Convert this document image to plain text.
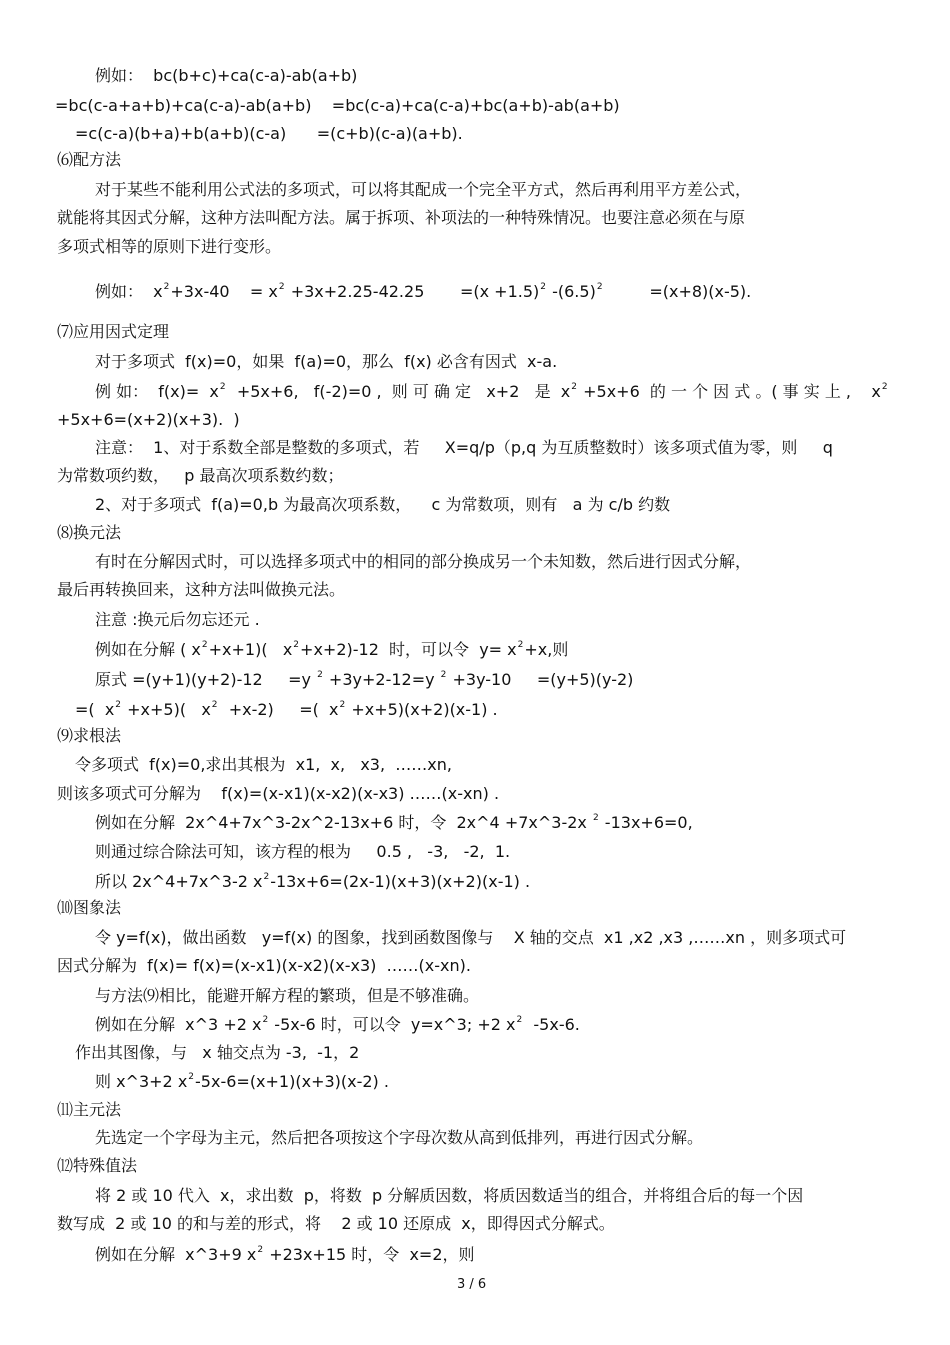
例如：  bc(b+c)+ca(c-a)-ab(a+b)
=bc(c-a+a+b)+ca(c-a)-ab(a+b)    =bc(c-a)+ca(c-a)+bc(a+b)-ab(a+b)
=c(c-a)(b+a)+b(a+b)(c-a)      =(c+b)(c-a)(a+b).
⑹配方法
对于某些不能利用公式法的多项式，可以将其配成一个完全平方式，然后再利用平方差公式，
就能将其因式分解，这种方法叫配方法。属于拆项、补项法的一种特殊情况。也要注意必须在与原
多项式相等的原则下进行变形。
例如：  $x^2+3x-40$    = $x^2 +3x+2.25-42.25$       $=(x +1.5)^2$ $-(6.5)^2$         =(x+8)(x-5).
⑺应用因式定理
对于多项式  f(x)=0，如果  f(a)=0，那么  f(x) 必含有因式  x-a.
例 如：  $f(x)= x^2 +5x+6$,   f(-2)=0 ,  则 可 确 定   x+2   是  $x^2 +5x+6$  的 一 个 因 式 。( 事 实 上 ,    $x^2$
+5x+6=(x+2)(x+3).  )
注意：  1、对于系数全部是整数的多项式，若     X=q/p（p,q 为互质整数时）该多项式值为零，则     q
为常数项约数，   p 最高次项系数约数；
2、对于多项式  f(a)=0,b 为最高次项系数，    c 为常数项，则有   a 为 c/b 约数
⑻换元法
有时在分解因式时，可以选择多项式中的相同的部分换成另一个未知数，然后进行因式分解，
最后再转换回来，这种方法叫做换元法。
注意 :换元后勿忘还元 .
例如在分解 ( $x^2+x+1$)(   $x^2+x+2)-12$  时，可以令  $y= x^2+x$,则
原式 =(y+1)(y+2)-12     =y $^2$ +3y+2-12=y $^2$ +3y-10     =(y+5)(y-2)
=(  $x^2 +x+5$)(   $x^2 +x-2$)     =(  $x^2 +x+5)(x+2)(x-1)$ .
⑼求根法
令多项式  f(x)=0,求出其根为  x1,  x,   x3,  ……xn,
则该多项式可分解为    f(x)=(x-x1)(x-x2)(x-x3) ……(x-xn) .
例如在分解  2x^4+7x^3-2x^2-13x+6 时，令  2x^4 +7x^3-2x $^2$ -13x+6=0,
则通过综合除法可知，该方程的根为     0.5 ,   -3,   -2,  1.
所以 2x^4+7x^3-2 $x^2-13x+6=(2x-1)(x+3)(x+2)(x-1)$ .
⑽图象法
令 y=f(x)，做出函数   y=f(x) 的图象，找到函数图像与    X 轴的交点  x1 ,x2 ,x3 ,……xn ，则多项式可
因式分解为  f(x)= f(x)=(x-x1)(x-x2)(x-x3)  ……(x-xn).
与方法⑼相比，能避开解方程的繁琐，但是不够准确。
例如在分解  x^3 +2 $x^2$ -5x-6 时，可以令  y=x^3; +2 $x^2$  -5x-6.
作出其图像，与   x 轴交点为 -3,  -1，2
则 x^3+2 $x^2-5x-6=(x+1)(x+3)(x-2)$ .
⑾主元法
先选定一个字母为主元，然后把各项按这个字母次数从高到低排列，再进行因式分解。
⑿特殊值法
将 2 或 10 代入  x，求出数  p，将数  p 分解质因数，将质因数适当的组合，并将组合后的每一个因
数写成  2 或 10 的和与差的形式，将    2 或 10 还原成  x，即得因式分解式。
例如在分解  x^3+9 $x^2 +23x+15$ 时，令  x=2，则
3 / 6
